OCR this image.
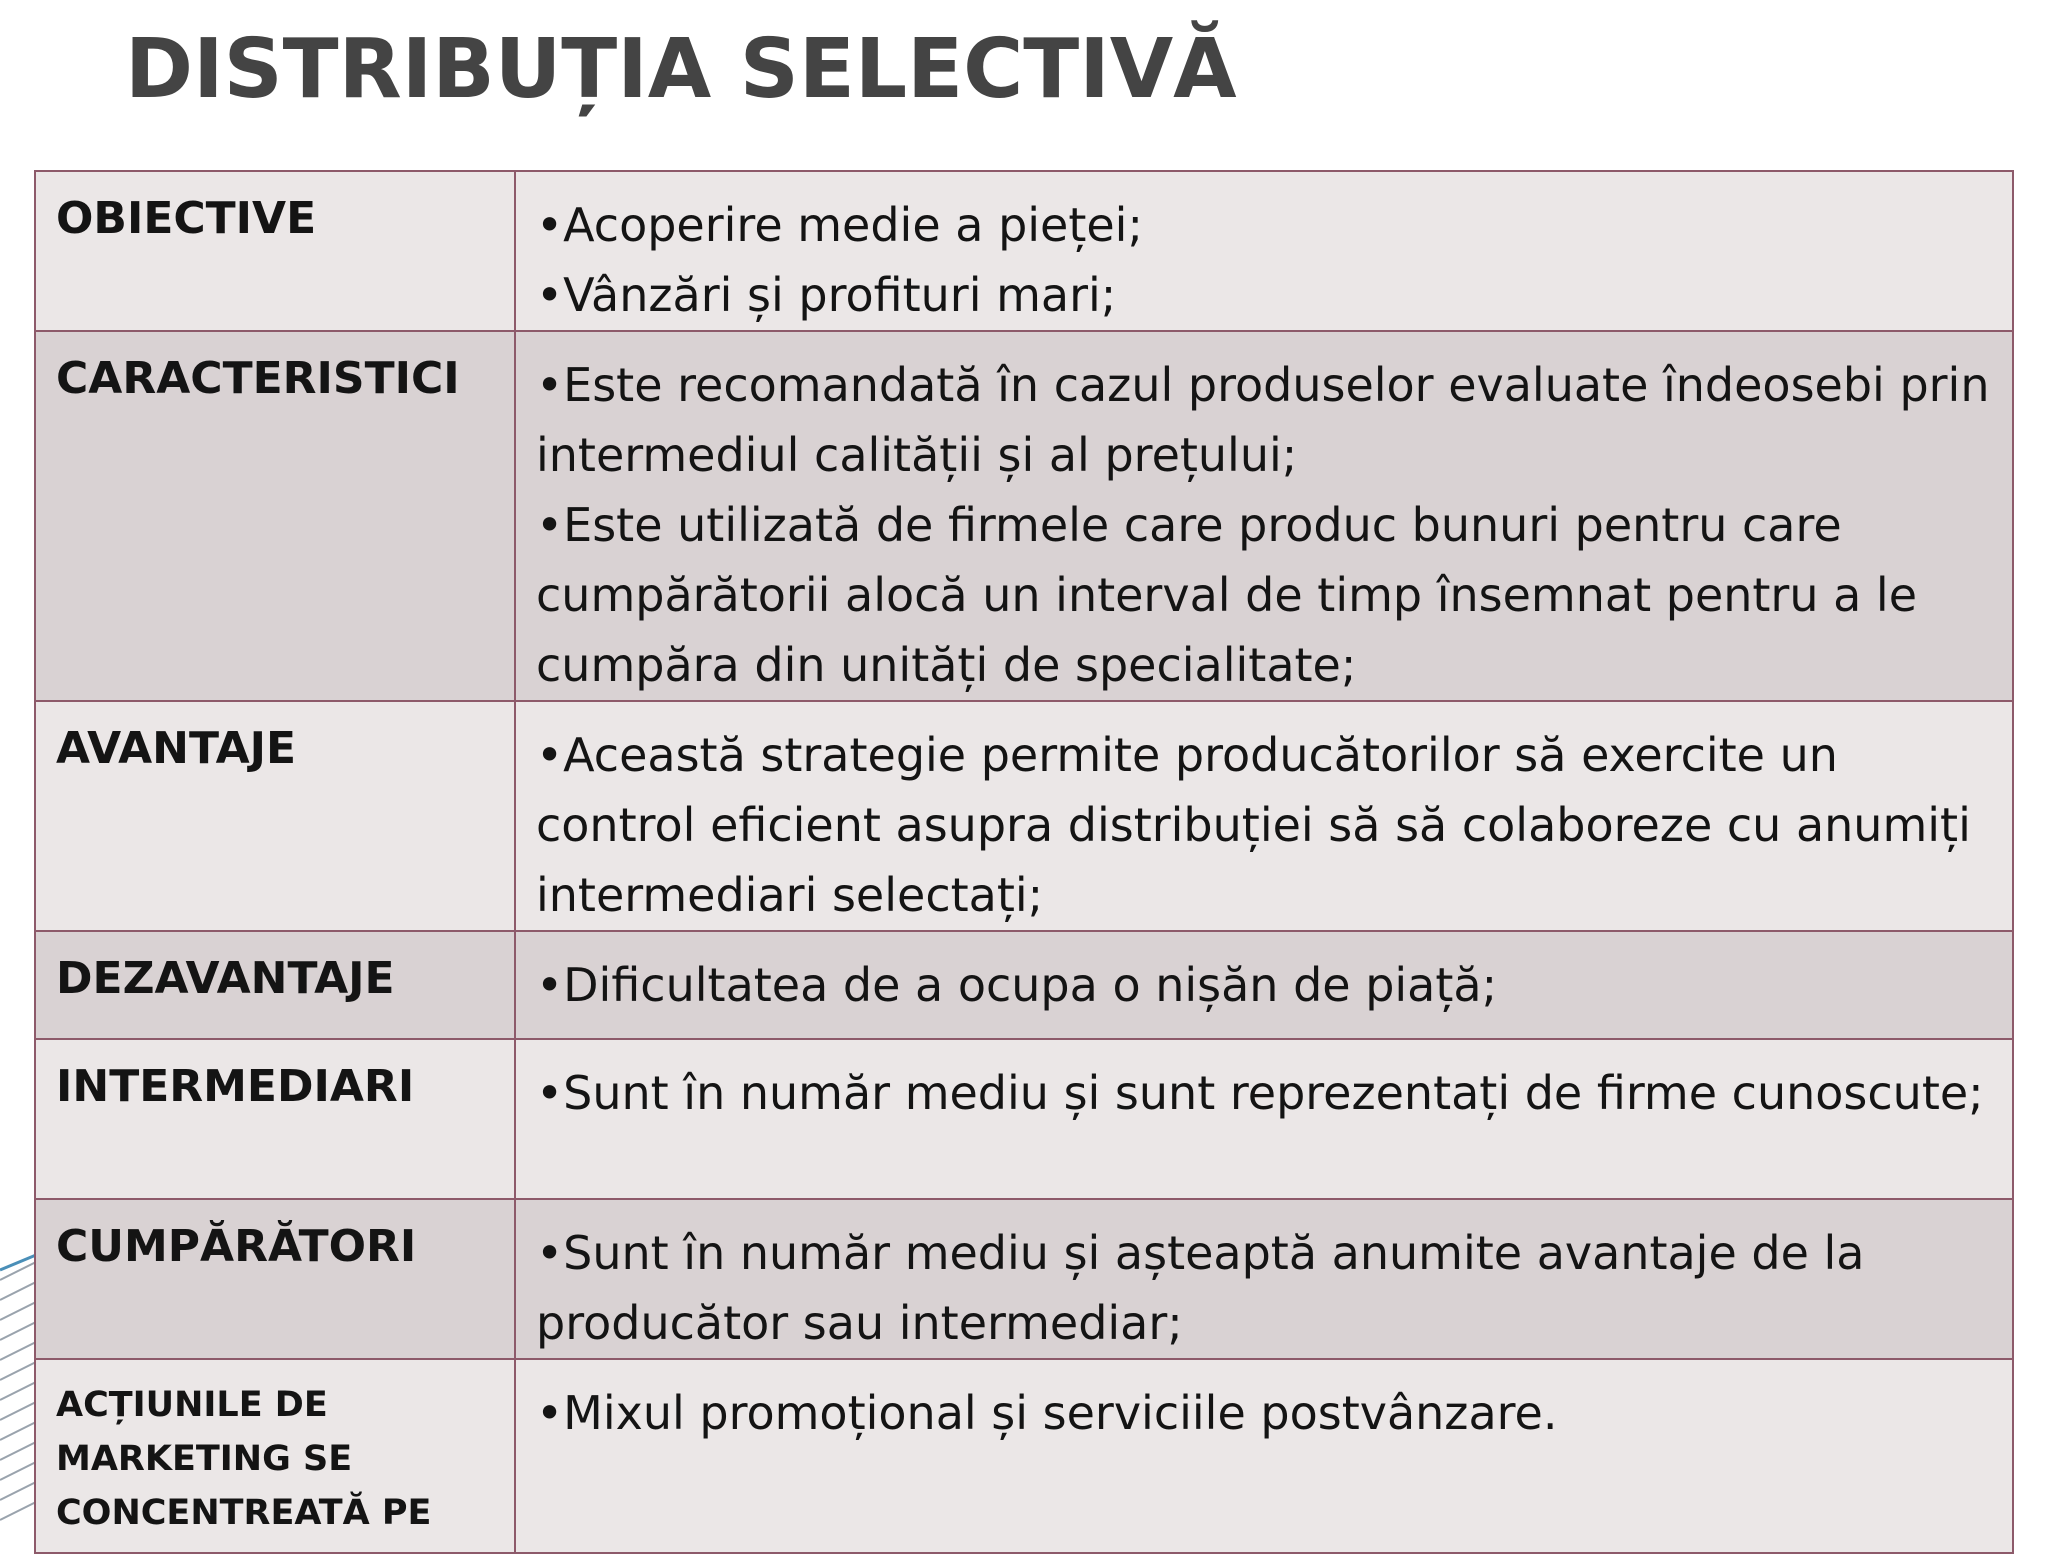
DISTRIBUȚIA SELECTIVĂ
OBIECTIVE	•Acoperire medie a pieței;
•Vânzări și profituri mari;

CARACTERISTICI	•Este recomandată în cazul produselor evaluate îndeosebi prin intermediul calității și al prețului;
•Este utilizată de firmele care produc bunuri pentru care cumpărătorii alocă un interval de timp însemnat pentru a le cumpăra din unități de specialitate;

AVANTAJE	•Această strategie permite producătorilor să exercite un control eficient asupra distribuției să să colaboreze cu anumiți intermediari selectați;

DEZAVANTAJE	•Dificultatea de a ocupa o nișăn de piață;

INTERMEDIARI	•Sunt în număr mediu și sunt reprezentați de firme cunoscute;

CUMPĂRĂTORI	•Sunt în număr mediu și așteaptă anumite avantaje de la producător sau intermediar;

ACȚIUNILE DE MARKETING SE CONCENTREATĂ PE	•Mixul promoțional și serviciile postvânzare.
